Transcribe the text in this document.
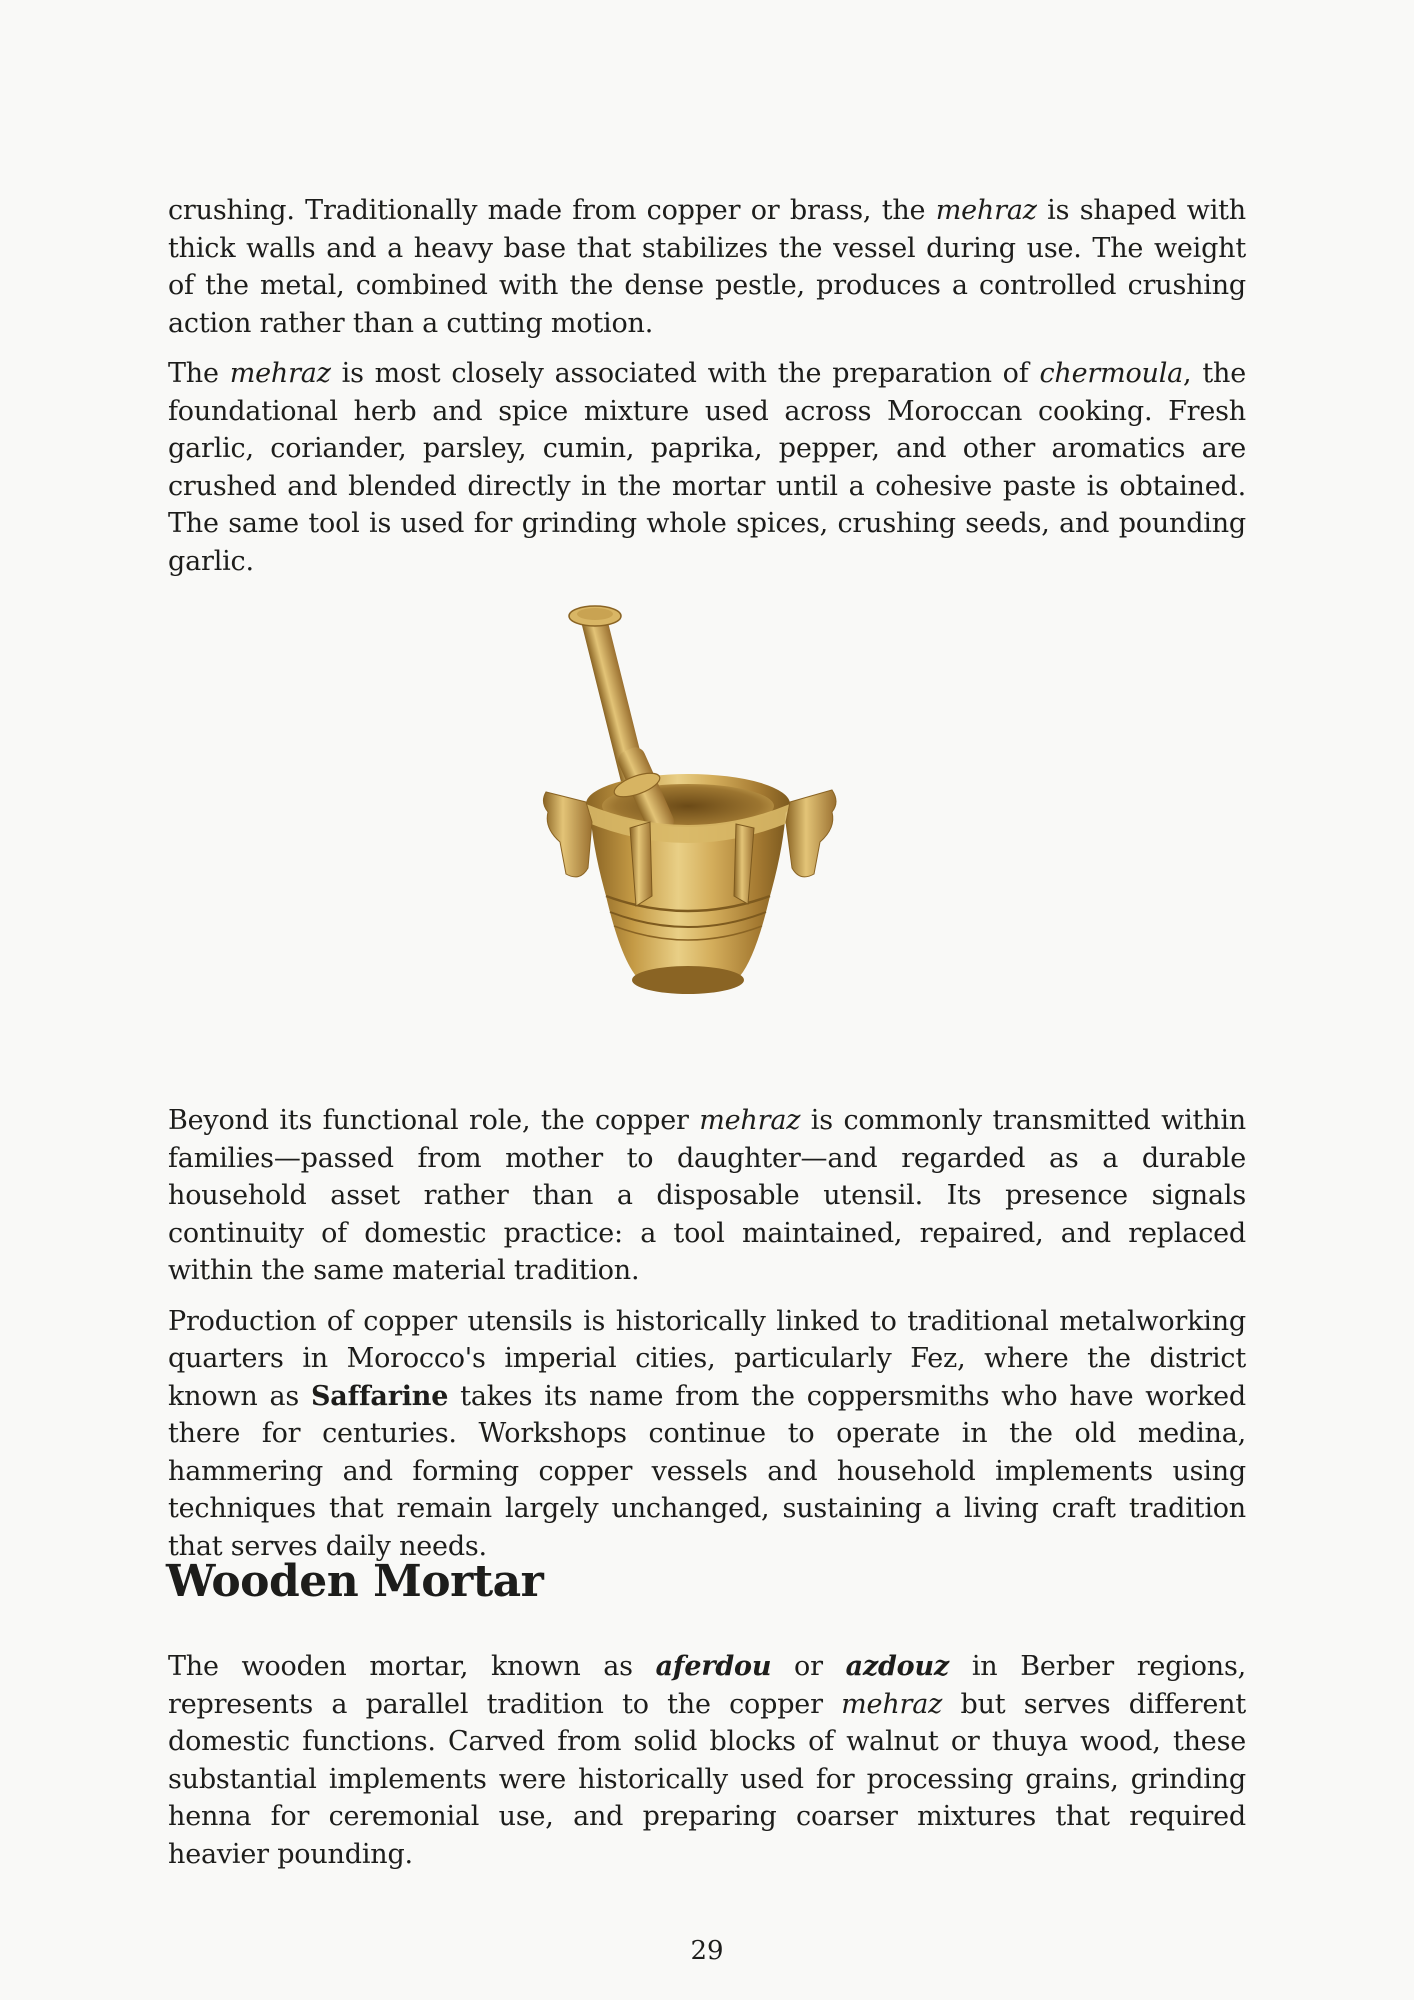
crushing. Traditionally made from copper or brass, the mehraz is shaped with thick walls and a heavy base that stabilizes the vessel during use. The weight of the metal, combined with the dense pestle, produces a controlled crushing action rather than a cutting motion.

The mehraz is most closely associated with the preparation of chermoula, the foundational herb and spice mixture used across Moroccan cooking. Fresh garlic, coriander, parsley, cumin, paprika, pepper, and other aromatics are crushed and blended directly in the mortar until a cohesive paste is obtained. The same tool is used for grinding whole spices, crushing seeds, and pounding garlic.

Beyond its functional role, the copper mehraz is commonly transmitted within families—passed from mother to daughter—and regarded as a durable household asset rather than a disposable utensil. Its presence signals continuity of domestic practice: a tool maintained, repaired, and replaced within the same material tradition.

Production of copper utensils is historically linked to traditional metalworking quarters in Morocco's imperial cities, particularly Fez, where the district known as Saffarine takes its name from the coppersmiths who have worked there for centuries. Workshops continue to operate in the old medina, hammering and forming copper vessels and household implements using techniques that remain largely unchanged, sustaining a living craft tradition that serves daily needs.

Wooden Mortar

The wooden mortar, known as aferdou or azdouz in Berber regions, represents a parallel tradition to the copper mehraz but serves different domestic functions. Carved from solid blocks of walnut or thuya wood, these substantial implements were historically used for processing grains, grinding henna for ceremonial use, and preparing coarser mixtures that required heavier pounding.

29
